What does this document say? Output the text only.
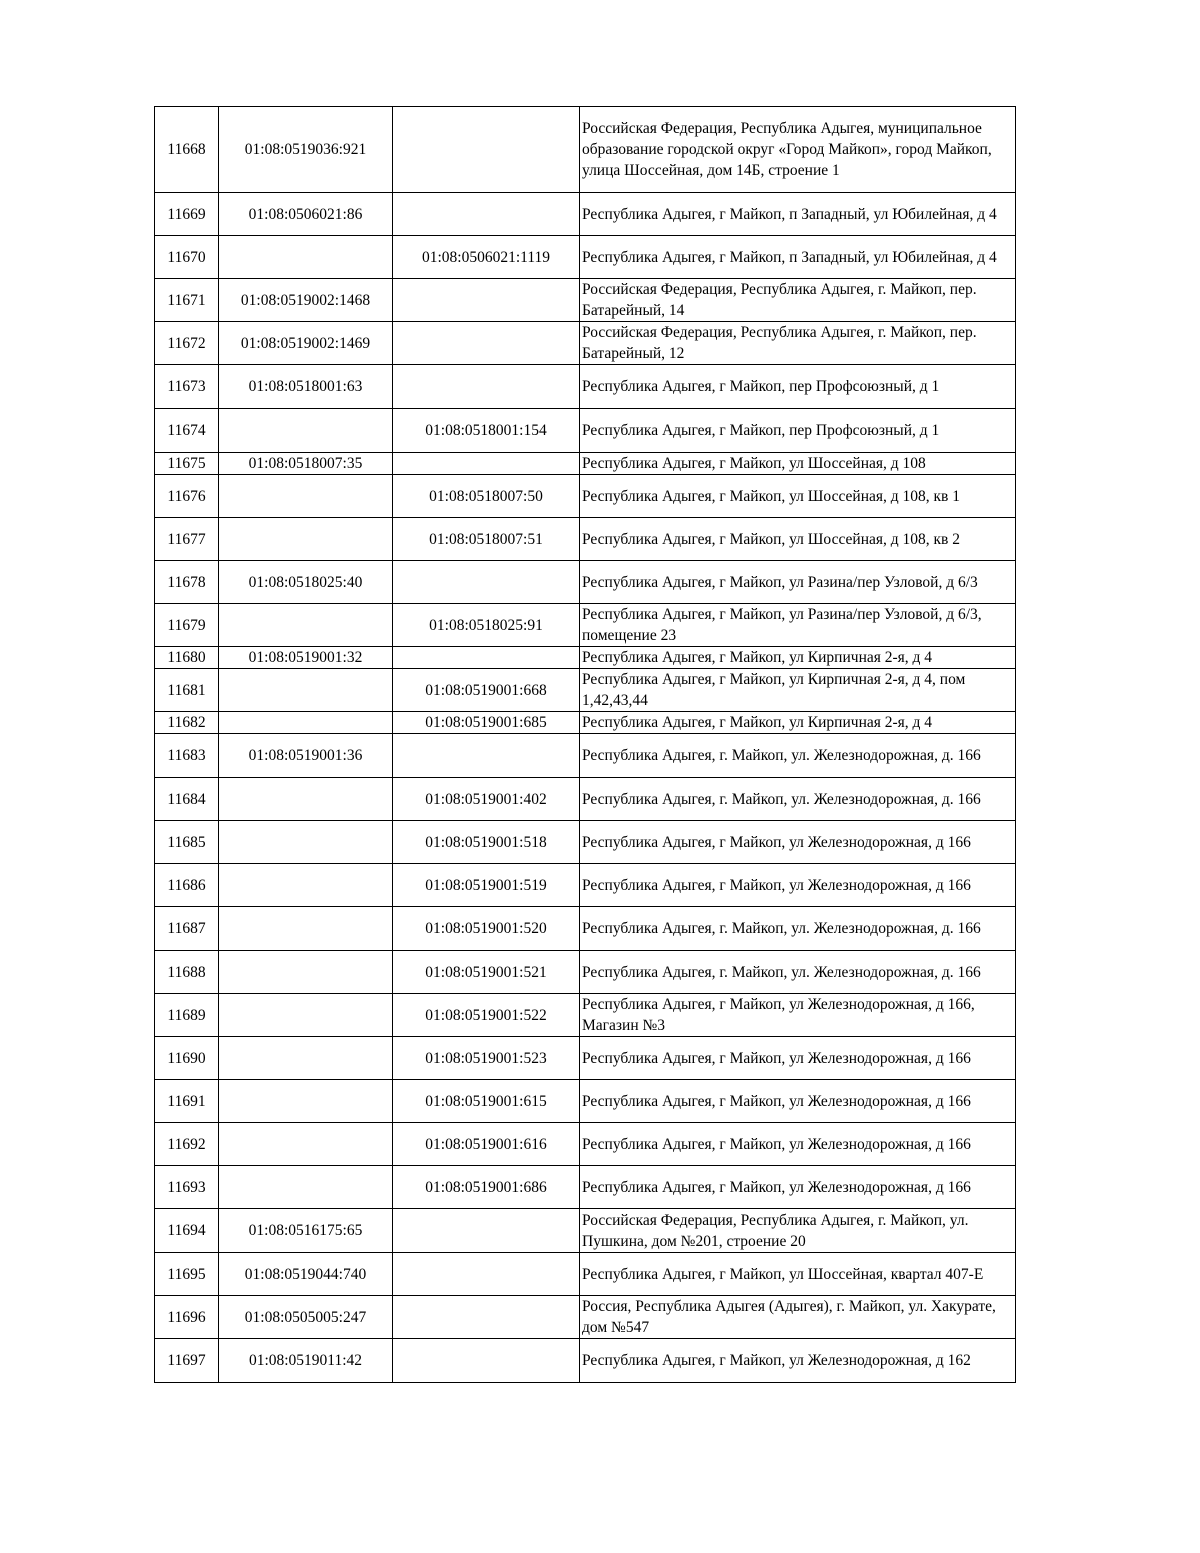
11668	01:08:0519036:921		Российская Федерация, Республика Адыгея, муниципальное образование городской округ «Город Майкоп», город Майкоп, улица Шоссейная, дом 14Б, строение 1
11669	01:08:0506021:86		Республика Адыгея, г Майкоп, п Западный, ул Юбилейная, д 4
11670		01:08:0506021:1119	Республика Адыгея, г Майкоп, п Западный, ул Юбилейная, д 4
11671	01:08:0519002:1468		Российская Федерация, Республика Адыгея, г. Майкоп, пер. Батарейный, 14
11672	01:08:0519002:1469		Российская Федерация, Республика Адыгея, г. Майкоп, пер. Батарейный, 12
11673	01:08:0518001:63		Республика Адыгея, г Майкоп, пер Профсоюзный, д 1
11674		01:08:0518001:154	Республика Адыгея, г Майкоп, пер Профсоюзный, д 1
11675	01:08:0518007:35		Республика Адыгея, г Майкоп, ул Шоссейная, д 108
11676		01:08:0518007:50	Республика Адыгея, г Майкоп, ул Шоссейная, д 108, кв 1
11677		01:08:0518007:51	Республика Адыгея, г Майкоп, ул Шоссейная, д 108, кв 2
11678	01:08:0518025:40		Республика Адыгея, г Майкоп, ул Разина/пер Узловой, д 6/3
11679		01:08:0518025:91	Республика Адыгея, г Майкоп, ул Разина/пер Узловой, д 6/3, помещение 23
11680	01:08:0519001:32		Республика Адыгея, г Майкоп, ул Кирпичная 2-я, д 4
11681		01:08:0519001:668	Республика Адыгея, г Майкоп, ул Кирпичная 2-я, д 4, пом 1,42,43,44
11682		01:08:0519001:685	Республика Адыгея, г Майкоп, ул Кирпичная 2-я, д 4
11683	01:08:0519001:36		Республика Адыгея, г. Майкоп, ул. Железнодорожная, д. 166
11684		01:08:0519001:402	Республика Адыгея, г. Майкоп, ул. Железнодорожная, д. 166
11685		01:08:0519001:518	Республика Адыгея, г Майкоп, ул Железнодорожная, д 166
11686		01:08:0519001:519	Республика Адыгея, г Майкоп, ул Железнодорожная, д 166
11687		01:08:0519001:520	Республика Адыгея, г. Майкоп, ул. Железнодорожная, д. 166
11688		01:08:0519001:521	Республика Адыгея, г. Майкоп, ул. Железнодорожная, д. 166
11689		01:08:0519001:522	Республика Адыгея, г Майкоп, ул Железнодорожная, д 166, Магазин №3
11690		01:08:0519001:523	Республика Адыгея, г Майкоп, ул Железнодорожная, д 166
11691		01:08:0519001:615	Республика Адыгея, г Майкоп, ул Железнодорожная, д 166
11692		01:08:0519001:616	Республика Адыгея, г Майкоп, ул Железнодорожная, д 166
11693		01:08:0519001:686	Республика Адыгея, г Майкоп, ул Железнодорожная, д 166
11694	01:08:0516175:65		Российская Федерация, Республика Адыгея, г. Майкоп, ул. Пушкина, дом №201, строение 20
11695	01:08:0519044:740		Республика Адыгея, г Майкоп, ул Шоссейная, квартал 407-Е
11696	01:08:0505005:247		Россия, Республика Адыгея (Адыгея), г. Майкоп, ул. Хакурате, дом №547
11697	01:08:0519011:42		Республика Адыгея, г Майкоп, ул Железнодорожная, д 162
